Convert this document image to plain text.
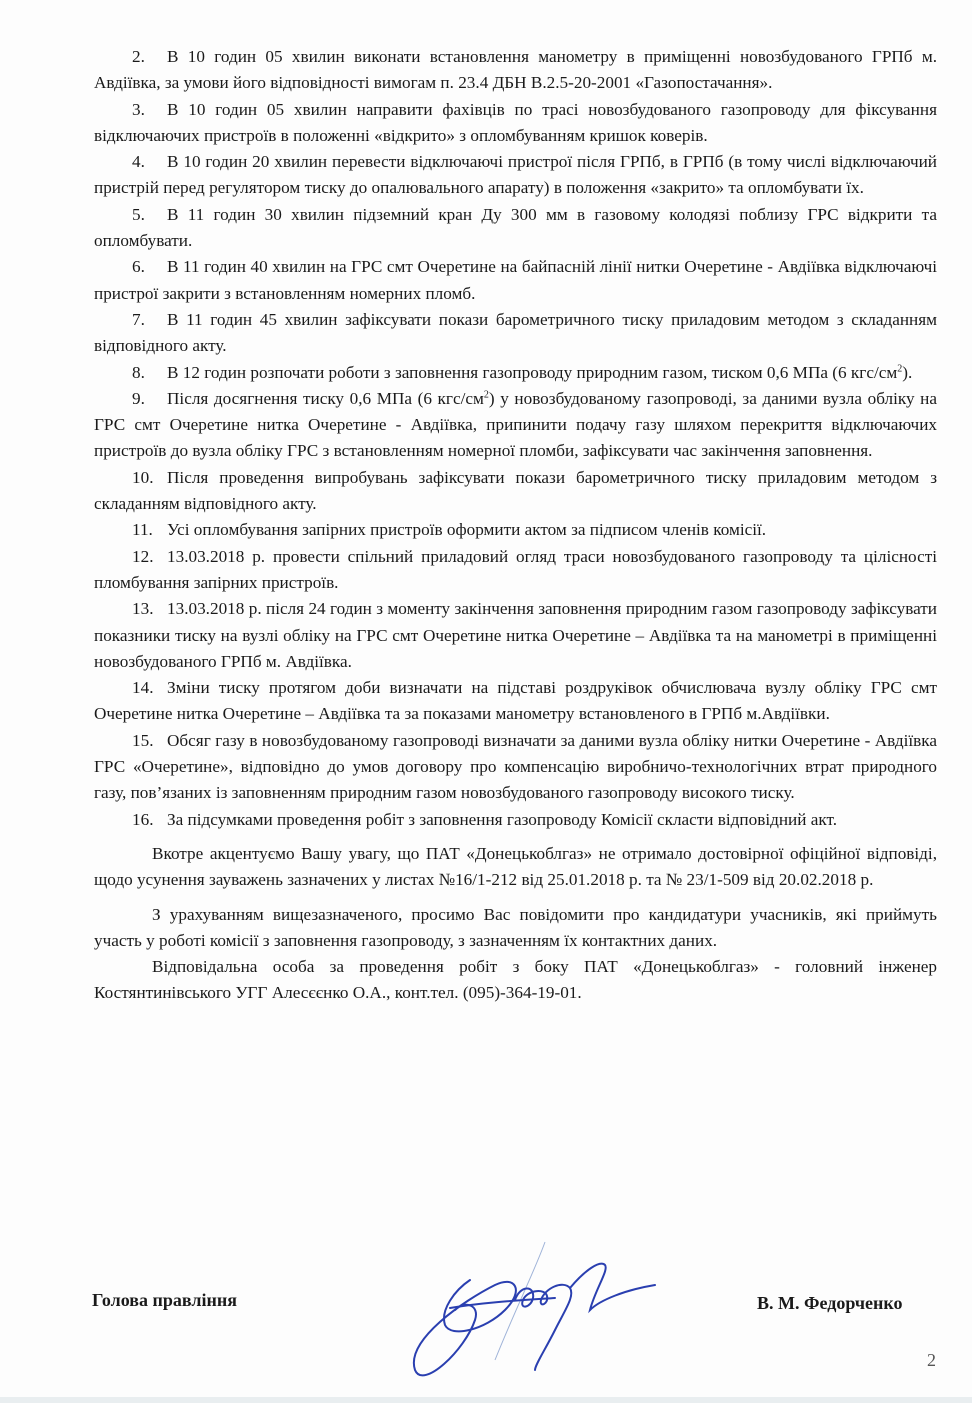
2. В 10 годин 05 хвилин виконати встановлення манометру в приміщенні новозбудованого ГРПб м. Авдіївка, за умови його відповідності вимогам п. 23.4 ДБН В.2.5-20-2001 «Газопостачання».

3. В 10 годин 05 хвилин направити фахівців по трасі новозбудованого газопроводу для фіксування відключаючих пристроїв в положенні «відкрито» з опломбуванням кришок коверів.

4. В 10 годин 20 хвилин перевести відключаючі пристрої після ГРПб, в ГРПб (в тому числі відключаючий пристрій перед регулятором тиску до опалювального апарату) в положення «закрито» та опломбувати їх.

5. В 11 годин 30 хвилин підземний кран Ду 300 мм в газовому колодязі поблизу ГРС відкрити та опломбувати.

6. В 11 годин 40 хвилин на ГРС смт Очеретине на байпасній лінії нитки Очеретине - Авдіївка відключаючі пристрої закрити з встановленням номерних пломб.

7. В 11 годин 45 хвилин зафіксувати покази барометричного тиску приладовим методом з складанням відповідного акту.

8. В 12 годин розпочати роботи з заповнення газопроводу природним газом, тиском 0,6 МПа (6 кгс/$см^2$).

9. Після досягнення тиску 0,6 МПа (6 кгс/$см^2$) у новозбудованому газопроводі, за даними вузла обліку на ГРС смт Очеретине нитка Очеретине - Авдіївка, припинити подачу газу шляхом перекриття відключаючих пристроїв до вузла обліку ГРС з встановленням номерної пломби, зафіксувати час закінчення заповнення.

10. Після проведення випробувань зафіксувати покази барометричного тиску приладовим методом з складанням відповідного акту.

11. Усі опломбування запірних пристроїв оформити актом за підписом членів комісії.

12. 13.03.2018 р. провести спільний приладовий огляд траси новозбудованого газопроводу та цілісності пломбування запірних пристроїв.

13. 13.03.2018 р. після 24 годин з моменту закінчення заповнення природним газом газопроводу зафіксувати показники тиску на вузлі обліку на ГРС смт Очеретине нитка Очеретине – Авдіївка та на манометрі в приміщенні новозбудованого ГРПб м. Авдіївка.

14. Зміни тиску протягом доби визначати на підставі роздруківок обчислювача вузлу обліку ГРС смт Очеретине нитка Очеретине – Авдіївка та за показами манометру встановленого в ГРПб м.Авдіївки.

15. Обсяг газу в новозбудованому газопроводі визначати за даними вузла обліку нитки Очеретине - Авдіївка ГРС «Очеретине», відповідно до умов договору про компенсацію виробничо-технологічних втрат природного газу, пов’язаних із заповненням природним газом новозбудованого газопроводу високого тиску.

16. За підсумками проведення робіт з заповнення газопроводу Комісії скласти відповідний акт.

Вкотре акцентуємо Вашу увагу, що ПАТ «Донецькоблгаз» не отримало достовірної офіційної відповіді, щодо усунення зауважень зазначених у листах №16/1-212 від 25.01.2018 р. та № 23/1-509 від 20.02.2018 р.

З урахуванням вищезазначеного, просимо Вас повідомити про кандидатури учасників, які приймуть участь у роботі комісії з заповнення газопроводу, з зазначенням їх контактних даних.

Відповідальна особа за проведення робіт з боку ПАТ «Донецькоблгаз» - головний інженер Костянтинівського УГГ Алесєєнко О.А., конт.тел. (095)-364-19-01.

Голова правління	В. М. Федорченко
2
